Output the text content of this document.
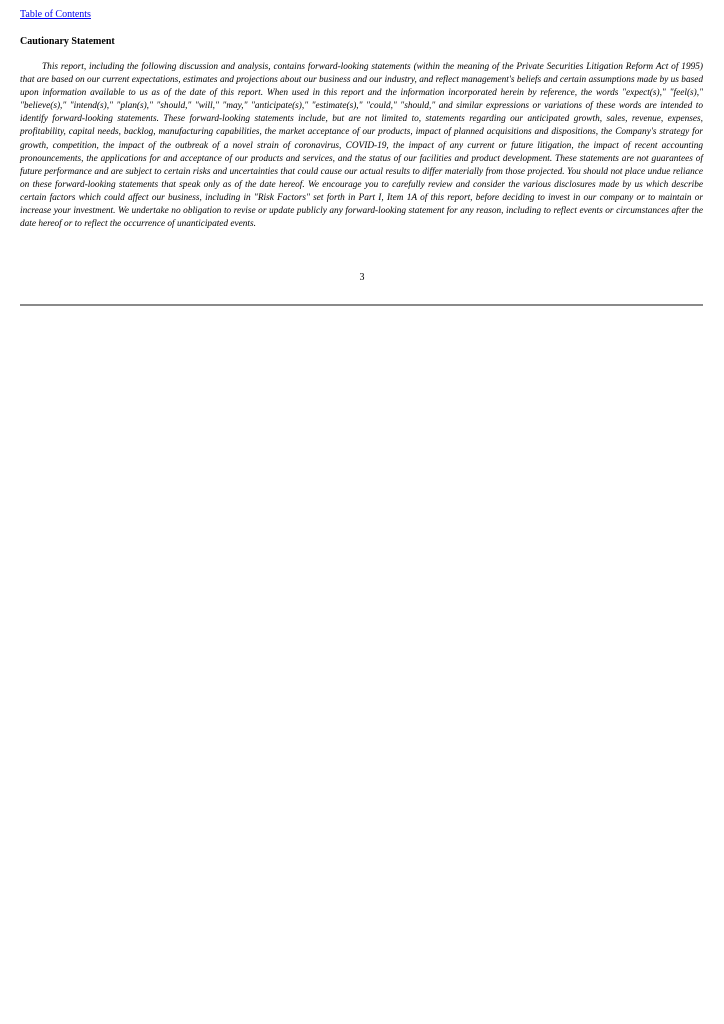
Table of Contents
Cautionary Statement

This report, including the following discussion and analysis, contains forward-looking statements (within the meaning of the Private Securities Litigation Reform Act of 1995) that are based on our current expectations, estimates and projections about our business and our industry, and reflect management's beliefs and certain assumptions made by us based upon information available to us as of the date of this report. When used in this report and the information incorporated herein by reference, the words "expect(s)," "feel(s)," "believe(s)," "intend(s)," "plan(s)," "should," "will," "may," "anticipate(s)," "estimate(s)," "could," "should," and similar expressions or variations of these words are intended to identify forward-looking statements. These forward-looking statements include, but are not limited to, statements regarding our anticipated growth, sales, revenue, expenses, profitability, capital needs, backlog, manufacturing capabilities, the market acceptance of our products, impact of planned acquisitions and dispositions, the Company's strategy for growth, competition, the impact of the outbreak of a novel strain of coronavirus, COVID-19, the impact of any current or future litigation, the impact of recent accounting pronouncements, the applications for and acceptance of our products and services, and the status of our facilities and product development. These statements are not guarantees of future performance and are subject to certain risks and uncertainties that could cause our actual results to differ materially from those projected. You should not place undue reliance on these forward-looking statements that speak only as of the date hereof. We encourage you to carefully review and consider the various disclosures made by us which describe certain factors which could affect our business, including in "Risk Factors" set forth in Part I, Item 1A of this report, before deciding to invest in our company or to maintain or increase your investment. We undertake no obligation to revise or update publicly any forward-looking statement for any reason, including to reflect events or circumstances after the date hereof or to reflect the occurrence of unanticipated events.

3
